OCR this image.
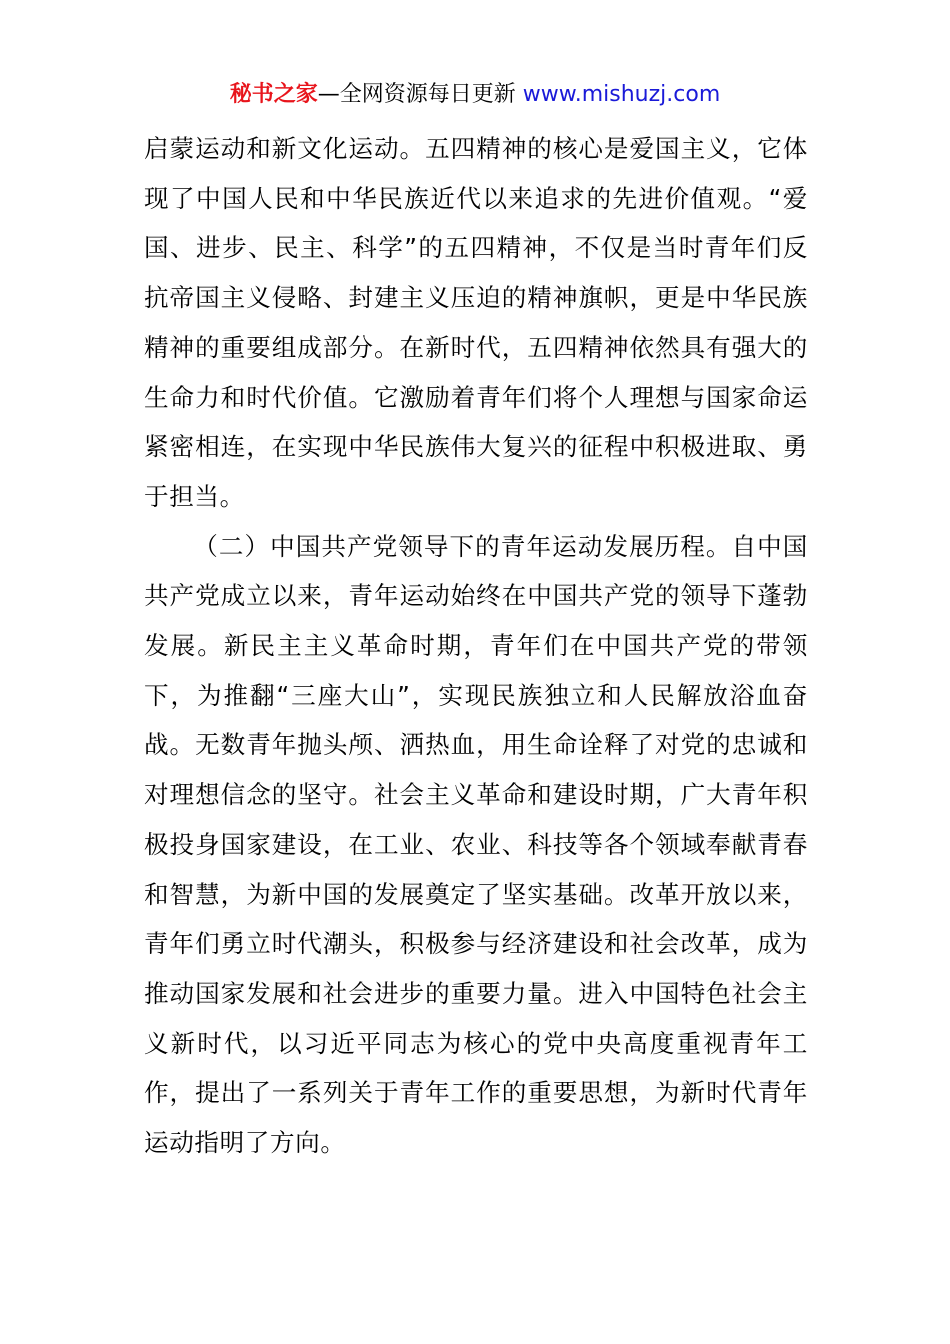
秘书之家—全网资源每日更新 www.mishuzj.com

启蒙运动和新文化运动。五四精神的核心是爱国主义，它体现了中国人民和中华民族近代以来追求的先进价值观。“爱国、进步、民主、科学”的五四精神，不仅是当时青年们反抗帝国主义侵略、封建主义压迫的精神旗帜，更是中华民族精神的重要组成部分。在新时代，五四精神依然具有强大的生命力和时代价值。它激励着青年们将个人理想与国家命运紧密相连，在实现中华民族伟大复兴的征程中积极进取、勇于担当。

（二）中国共产党领导下的青年运动发展历程。自中国共产党成立以来，青年运动始终在中国共产党的领导下蓬勃发展。新民主主义革命时期，青年们在中国共产党的带领下，为推翻“三座大山”，实现民族独立和人民解放浴血奋战。无数青年抛头颅、洒热血，用生命诠释了对党的忠诚和对理想信念的坚守。社会主义革命和建设时期，广大青年积极投身国家建设，在工业、农业、科技等各个领域奉献青春和智慧，为新中国的发展奠定了坚实基础。改革开放以来，青年们勇立时代潮头，积极参与经济建设和社会改革，成为推动国家发展和社会进步的重要力量。进入中国特色社会主义新时代，以习近平同志为核心的党中央高度重视青年工作，提出了一系列关于青年工作的重要思想，为新时代青年运动指明了方向。
